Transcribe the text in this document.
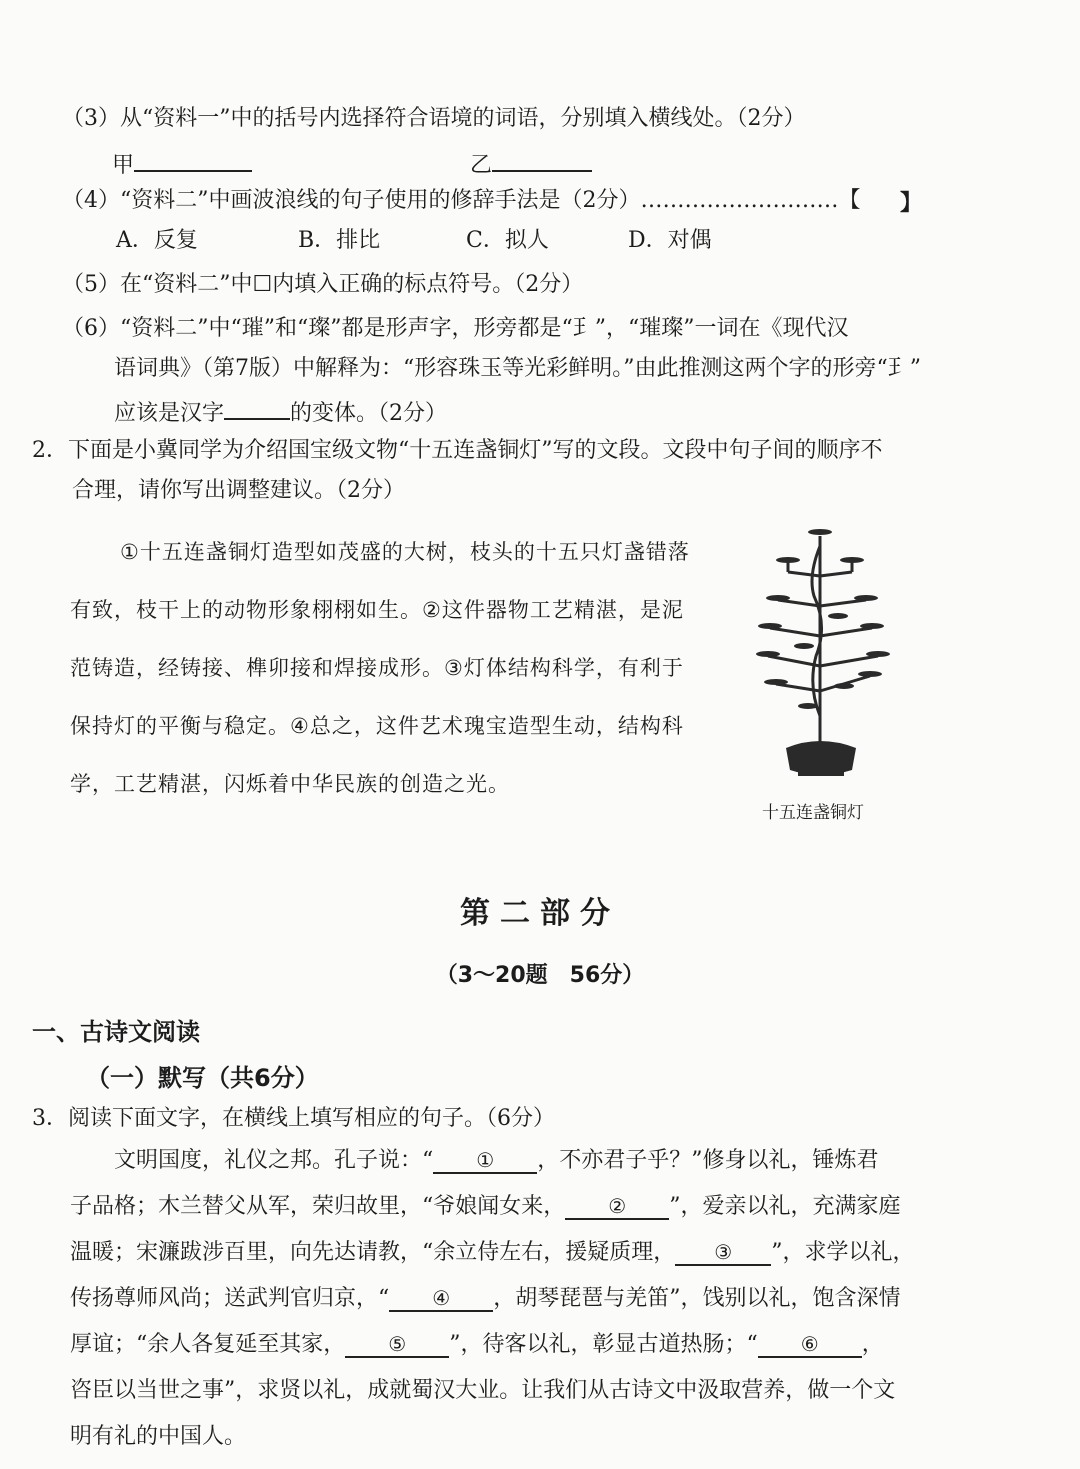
（3）从“资料一”中的括号内选择符合语境的词语，分别填入横线处。（2分）
甲	乙
（4）“资料二”中画波浪线的句子使用的修辞手法是（2分）………………………【 】
A．反复	B．排比	C．拟人	D．对偶
（5）在“资料二”中☐内填入正确的标点符号。（2分）
（6）“资料二”中“璀”和“璨”都是形声字，形旁都是“𤣩”，“璀璨”一词在《现代汉
语词典》（第7版）中解释为：“形容珠玉等光彩鲜明。”由此推测这两个字的形旁“𤣩”
应该是汉字	的变体。（2分）
2．下面是小冀同学为介绍国宝级文物“十五连盏铜灯”写的文段。文段中句子间的顺序不
合理，请你写出调整建议。（2分）
①十五连盏铜灯造型如茂盛的大树，枝头的十五只灯盏错落
有致，枝干上的动物形象栩栩如生。②这件器物工艺精湛，是泥
范铸造，经铸接、榫卯接和焊接成形。③灯体结构科学，有利于
保持灯的平衡与稳定。④总之，这件艺术瑰宝造型生动，结构科
学，工艺精湛，闪烁着中华民族的创造之光。
十五连盏铜灯
第二部分
（3～20题　56分）
一、古诗文阅读
（一）默写（共6分）
3．阅读下面文字，在横线上填写相应的句子。（6分）
文明国度，礼仪之邦。孔子说：“ ① ，不亦君子乎？”修身以礼，锤炼君
子品格；木兰替父从军，荣归故里，“爷娘闻女来， ② ”，爱亲以礼，充满家庭
温暖；宋濂跋涉百里，向先达请教，“余立侍左右，援疑质理， ③ ”，求学以礼，
传扬尊师风尚；送武判官归京，“ ④ ，胡琴琵琶与羌笛”，饯别以礼，饱含深情
厚谊；“余人各复延至其家， ⑤ ”，待客以礼，彰显古道热肠；“ ⑥ ，
咨臣以当世之事”，求贤以礼，成就蜀汉大业。让我们从古诗文中汲取营养，做一个文
明有礼的中国人。
